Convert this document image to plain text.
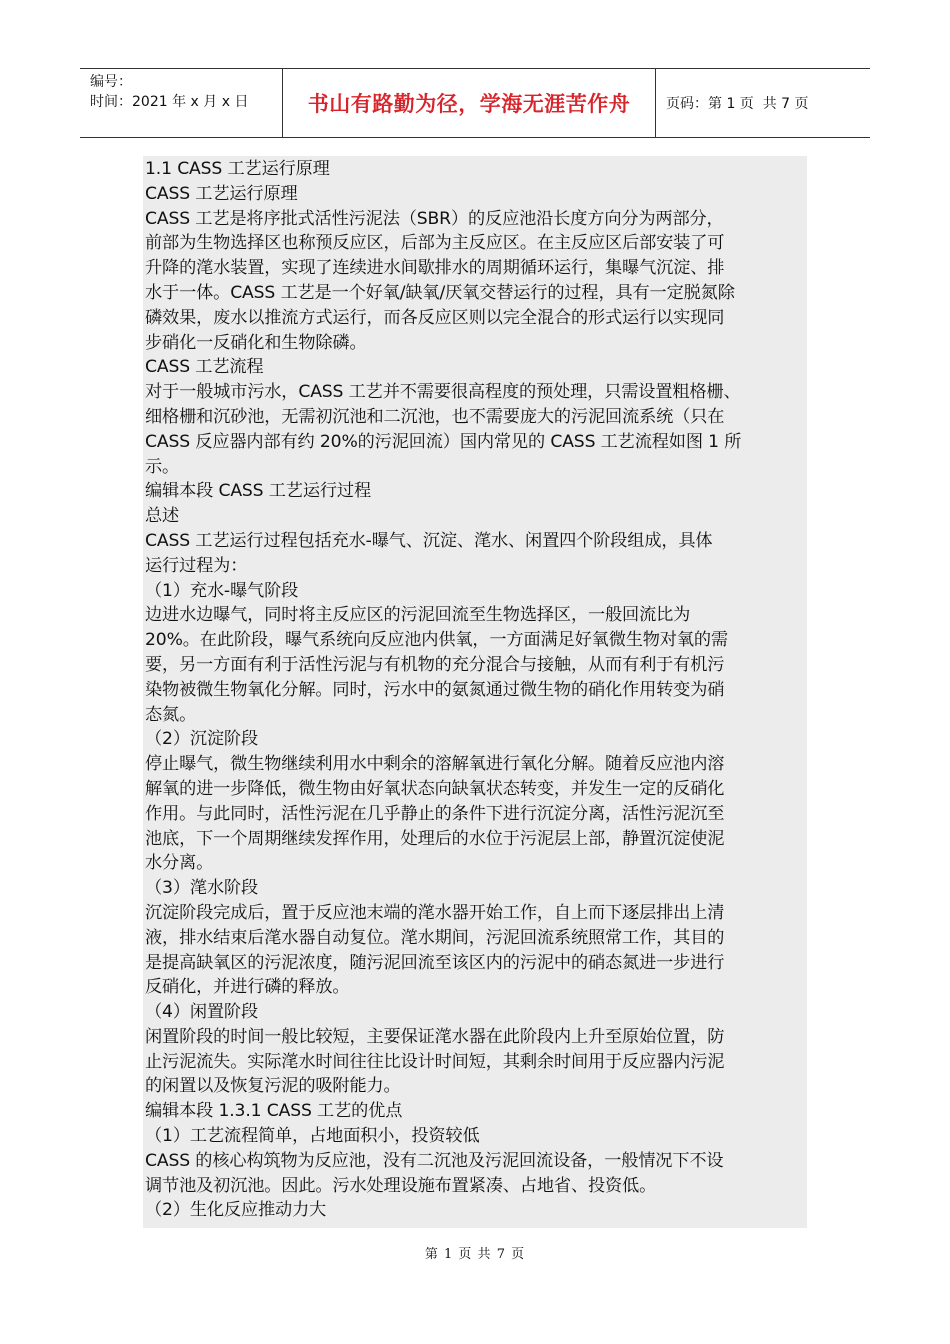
编号：
时间：2021 年 x 月 x 日	书山有路勤为径，学海无涯苦作舟	页码：第 1 页  共 7 页
1.1 CASS 工艺运行原理
CASS 工艺运行原理
CASS 工艺是将序批式活性污泥法（SBR）的反应池沿长度方向分为两部分，
前部为生物选择区也称预反应区，后部为主反应区。在主反应区后部安装了可
升降的滗水装置，实现了连续进水间歇排水的周期循环运行，集曝气沉淀、排
水于一体。CASS 工艺是一个好氧/缺氧/厌氧交替运行的过程，具有一定脱氮除
磷效果，废水以推流方式运行，而各反应区则以完全混合的形式运行以实现同
步硝化一反硝化和生物除磷。
CASS 工艺流程
对于一般城市污水，CASS 工艺并不需要很高程度的预处理，只需设置粗格栅、
细格栅和沉砂池，无需初沉池和二沉池，也不需要庞大的污泥回流系统（只在
CASS 反应器内部有约 20%的污泥回流）国内常见的 CASS 工艺流程如图 1 所
示。
编辑本段 CASS 工艺运行过程
总述
CASS 工艺运行过程包括充水-曝气、沉淀、滗水、闲置四个阶段组成，具体
运行过程为：
（1）充水-曝气阶段
边进水边曝气，同时将主反应区的污泥回流至生物选择区，一般回流比为
20%。在此阶段，曝气系统向反应池内供氧，一方面满足好氧微生物对氧的需
要，另一方面有利于活性污泥与有机物的充分混合与接触，从而有利于有机污
染物被微生物氧化分解。同时，污水中的氨氮通过微生物的硝化作用转变为硝
态氮。
（2）沉淀阶段
停止曝气，微生物继续利用水中剩余的溶解氧进行氧化分解。随着反应池内溶
解氧的进一步降低，微生物由好氧状态向缺氧状态转变，并发生一定的反硝化
作用。与此同时，活性污泥在几乎静止的条件下进行沉淀分离，活性污泥沉至
池底，下一个周期继续发挥作用，处理后的水位于污泥层上部，静置沉淀使泥
水分离。
（3）滗水阶段
沉淀阶段完成后，置于反应池末端的滗水器开始工作，自上而下逐层排出上清
液，排水结束后滗水器自动复位。滗水期间，污泥回流系统照常工作，其目的
是提高缺氧区的污泥浓度，随污泥回流至该区内的污泥中的硝态氮进一步进行
反硝化，并进行磷的释放。
（4）闲置阶段
闲置阶段的时间一般比较短，主要保证滗水器在此阶段内上升至原始位置，防
止污泥流失。实际滗水时间往往比设计时间短，其剩余时间用于反应器内污泥
的闲置以及恢复污泥的吸附能力。
编辑本段 1.3.1 CASS 工艺的优点
（1）工艺流程简单，占地面积小，投资较低
CASS 的核心构筑物为反应池，没有二沉池及污泥回流设备，一般情况下不设
调节池及初沉池。因此。污水处理设施布置紧凑、占地省、投资低。
（2）生化反应推动力大
第 1 页 共 7 页
